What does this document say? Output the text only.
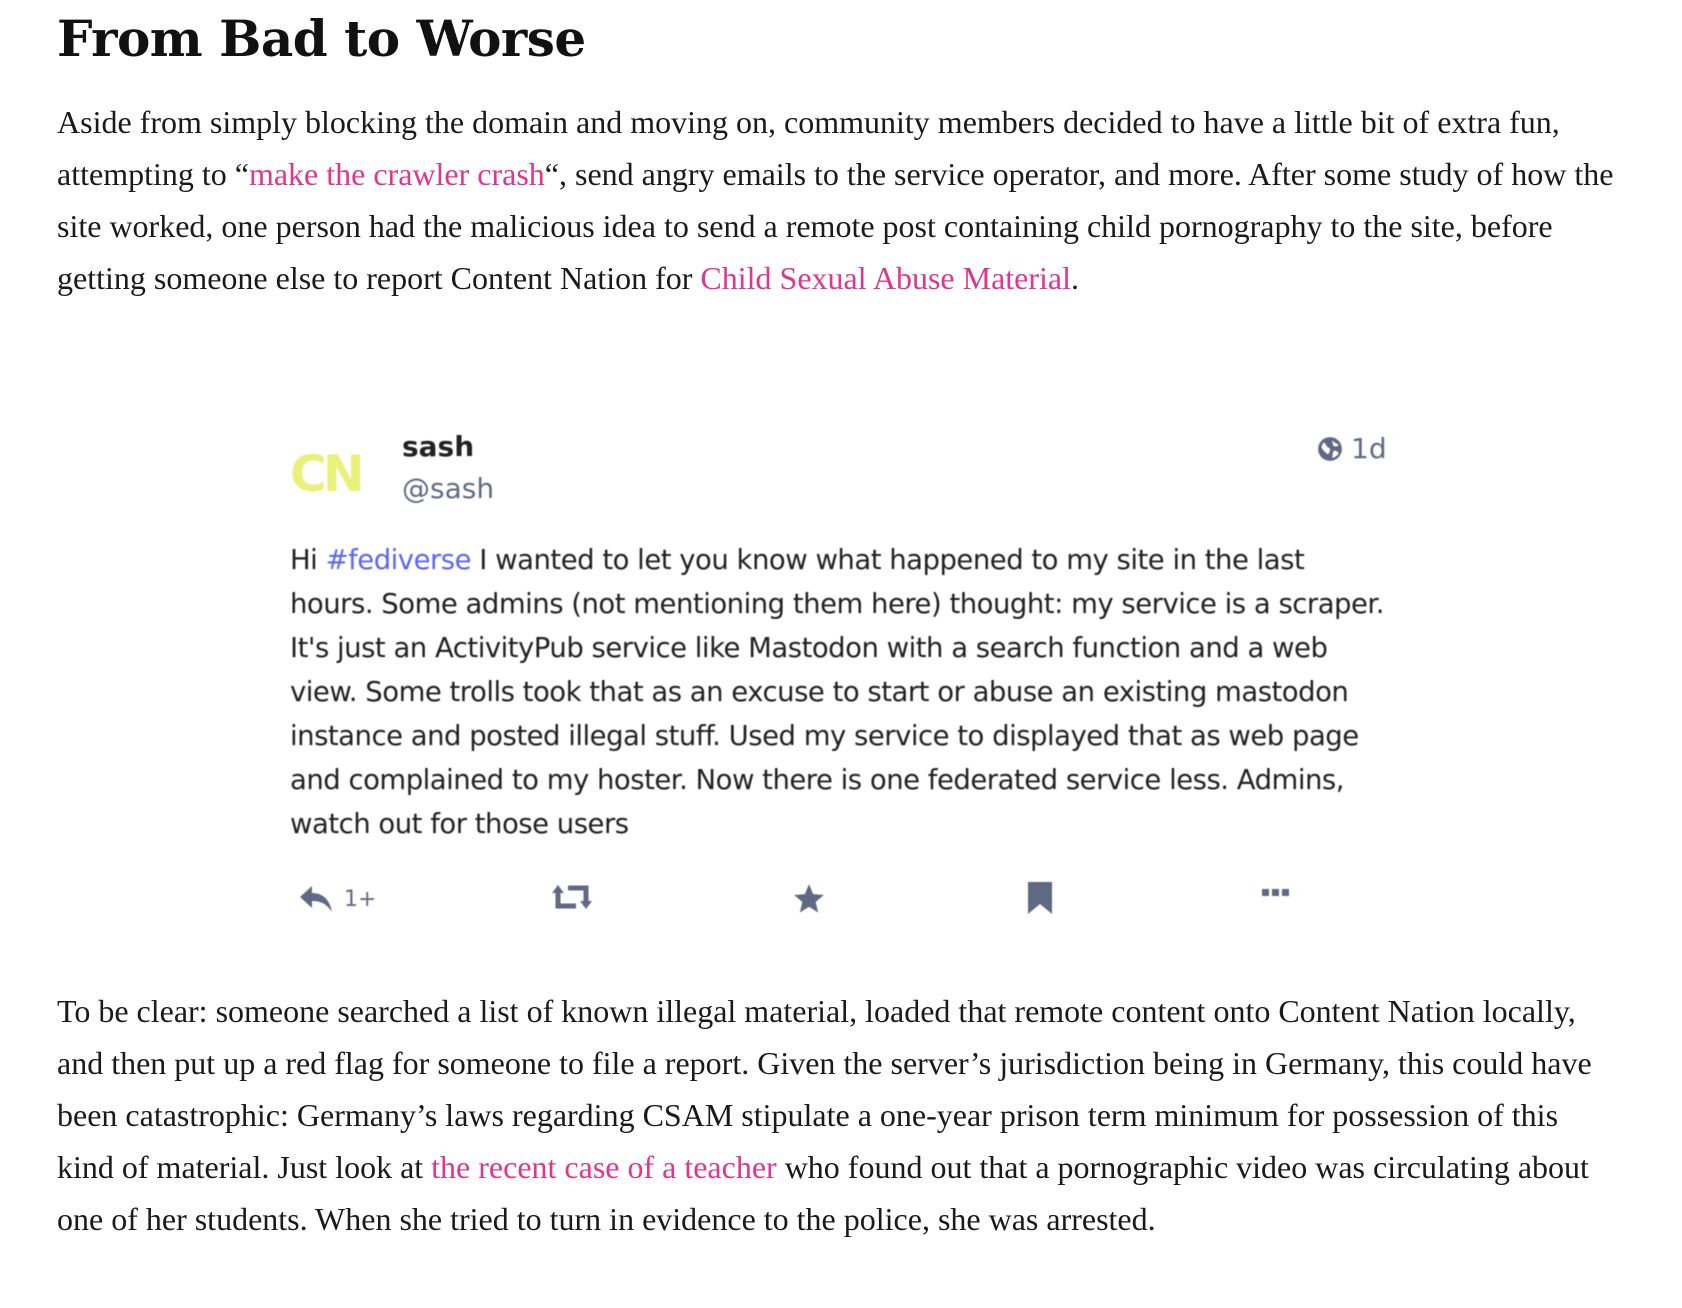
From Bad to Worse

Aside from simply blocking the domain and moving on, community members decided to have a little bit of extra fun, attempting to “make the crawler crash“, send angry emails to the service operator, and more. After some study of how the site worked, one person had the malicious idea to send a remote post containing child pornography to the site, before getting someone else to report Content Nation for Child Sexual Abuse Material.

To be clear: someone searched a list of known illegal material, loaded that remote content onto Content Nation locally, and then put up a red flag for someone to file a report. Given the server’s jurisdiction being in Germany, this could have been catastrophic: Germany’s laws regarding CSAM stipulate a one-year prison term minimum for possession of this kind of material. Just look at the recent case of a teacher who found out that a pornographic video was circulating about one of her students. When she tried to turn in evidence to the police, she was arrested.

CN	sash
@sash
1d
Hi #fediverse I wanted to let you know what happened to my site in the last hours. Some admins (not mentioning them here) thought: my service is a scraper. It's just an ActivityPub service like Mastodon with a search function and a web view. Some trolls took that as an excuse to start or abuse an existing mastodon instance and posted illegal stuff. Used my service to displayed that as web page and complained to my hoster. Now there is one federated service less. Admins, watch out for those users
1+
